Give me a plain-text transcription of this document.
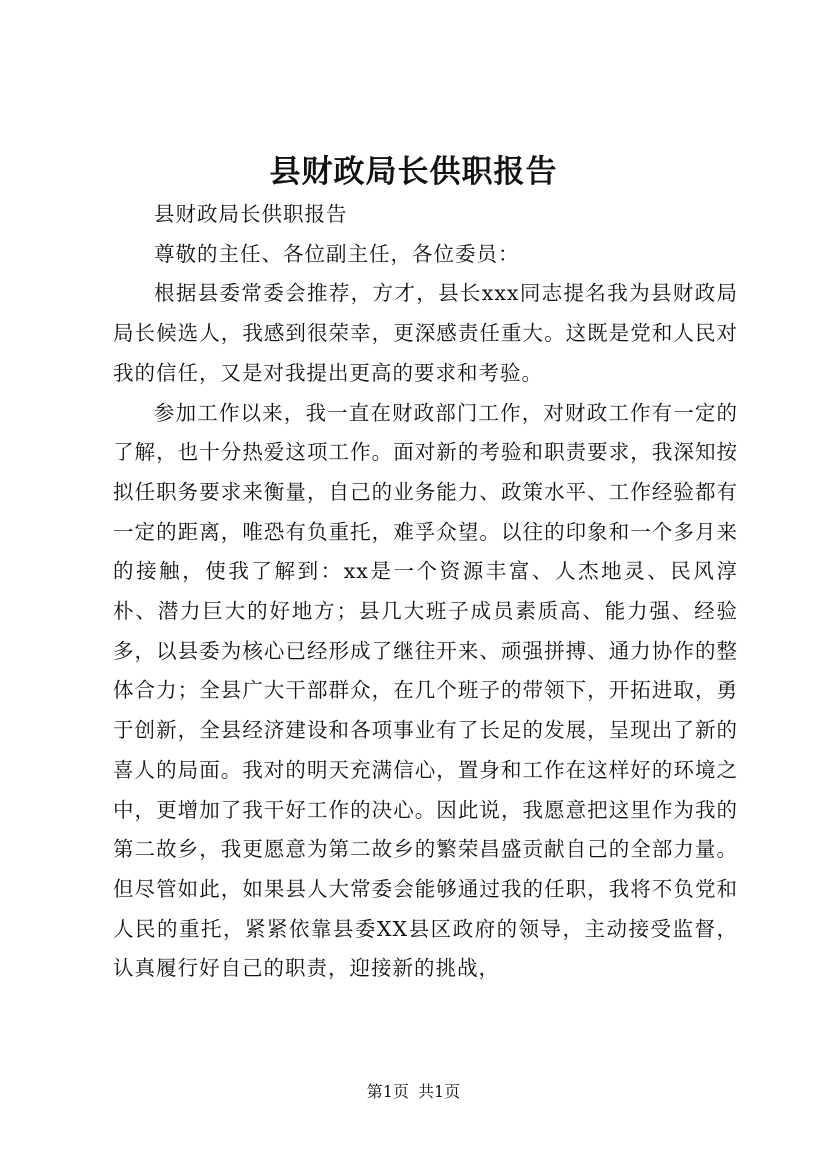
县财政局长供职报告

县财政局长供职报告

尊敬的主任、各位副主任，各位委员：

根据县委常委会推荐，方才，县长xxx同志提名我为县财政局局长候选人，我感到很荣幸，更深感责任重大。这既是党和人民对我的信任，又是对我提出更高的要求和考验。

参加工作以来，我一直在财政部门工作，对财政工作有一定的了解，也十分热爱这项工作。面对新的考验和职责要求，我深知按拟任职务要求来衡量，自己的业务能力、政策水平、工作经验都有一定的距离，唯恐有负重托，难孚众望。以往的印象和一个多月来的接触，使我了解到：xx是一个资源丰富、人杰地灵、民风淳朴、潜力巨大的好地方；县几大班子成员素质高、能力强、经验多，以县委为核心已经形成了继往开来、顽强拼搏、通力协作的整体合力；全县广大干部群众，在几个班子的带领下，开拓进取，勇于创新，全县经济建设和各项事业有了长足的发展，呈现出了新的喜人的局面。我对的明天充满信心，置身和工作在这样好的环境之中，更增加了我干好工作的决心。因此说，我愿意把这里作为我的第二故乡，我更愿意为第二故乡的繁荣昌盛贡献自己的全部力量。但尽管如此，如果县人大常委会能够通过我的任职，我将不负党和人民的重托，紧紧依靠县委XX县区政府的领导，主动接受监督，认真履行好自己的职责，迎接新的挑战，

第1页 共1页
